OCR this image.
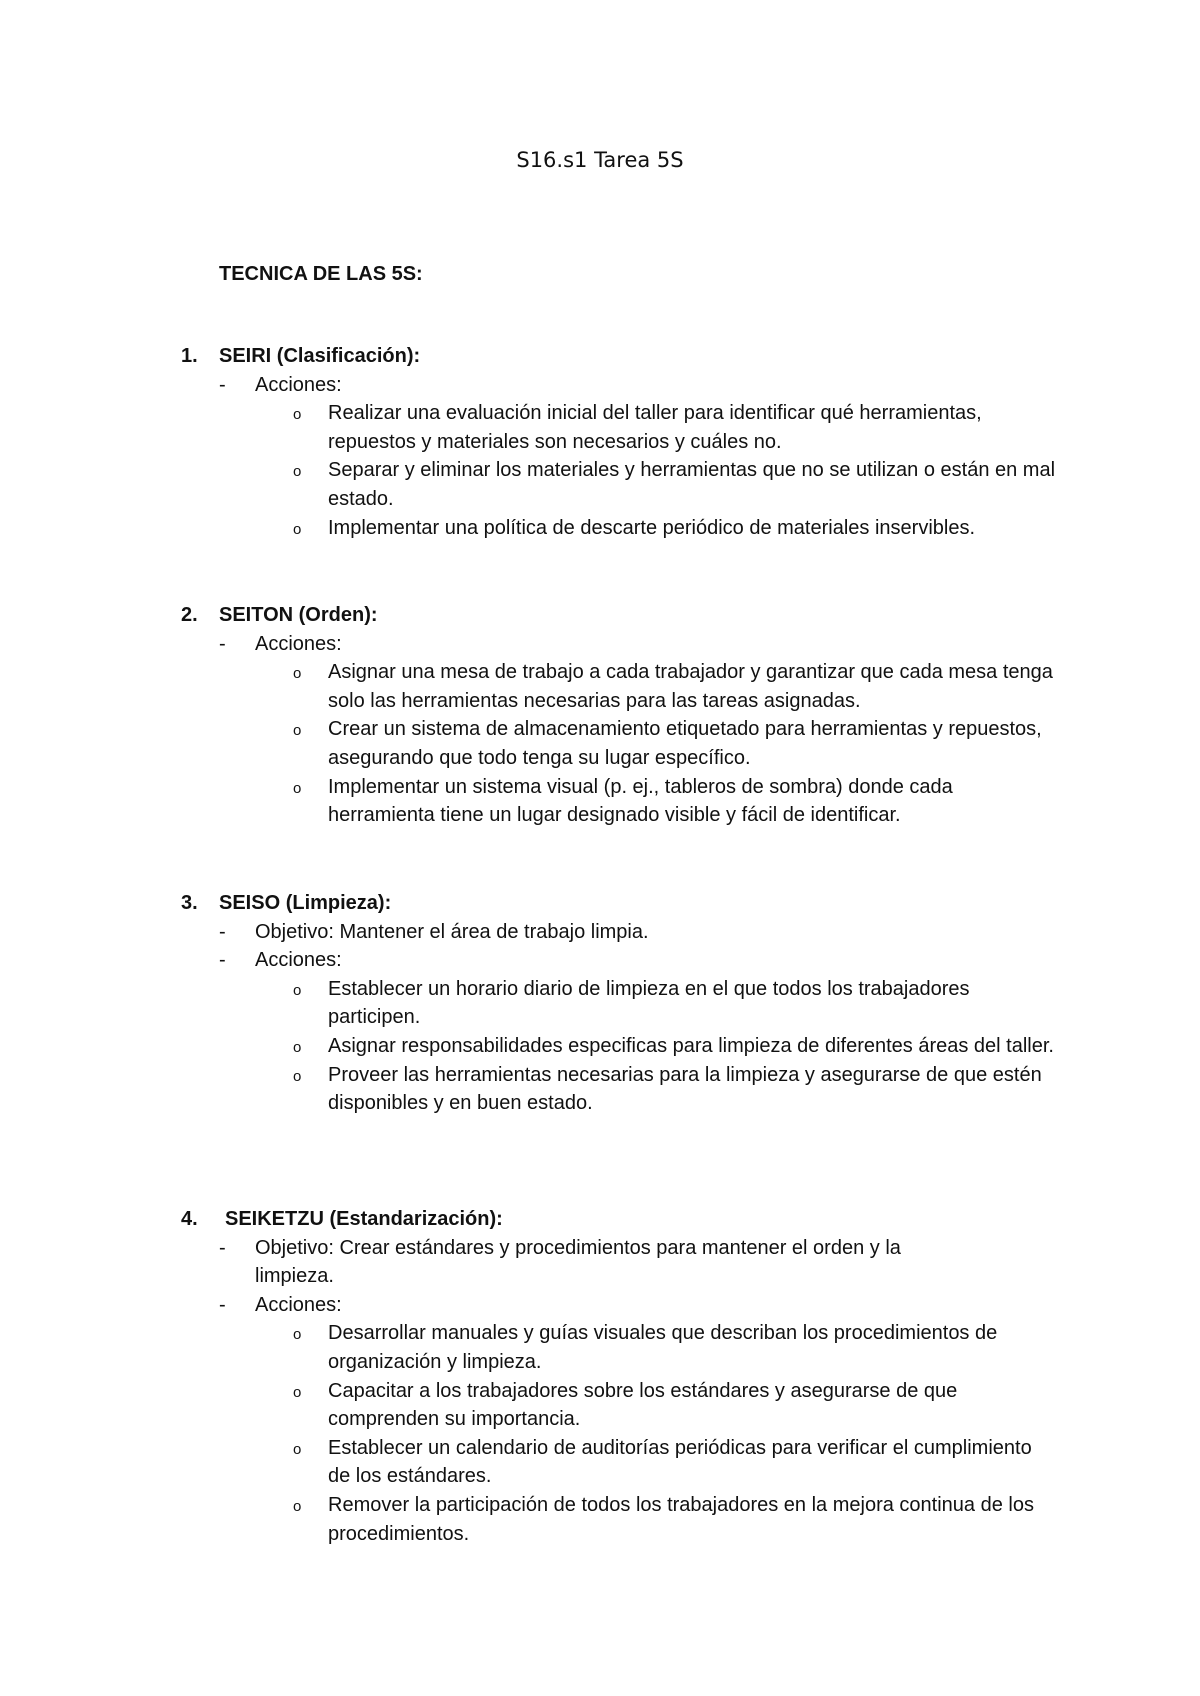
S16.s1 Tarea 5S
TECNICA DE LAS 5S:
1. SEIRI (Clasificación):
- Acciones:
o Realizar una evaluación inicial del taller para identificar qué herramientas, repuestos y materiales son necesarios y cuáles no.
o Separar y eliminar los materiales y herramientas que no se utilizan o están en mal estado.
o Implementar una política de descarte periódico de materiales inservibles.
2. SEITON (Orden):
- Acciones:
o Asignar una mesa de trabajo a cada trabajador y garantizar que cada mesa tenga solo las herramientas necesarias para las tareas asignadas.
o Crear un sistema de almacenamiento etiquetado para herramientas y repuestos, asegurando que todo tenga su lugar específico.
o Implementar un sistema visual (p. ej., tableros de sombra) donde cada herramienta tiene un lugar designado visible y fácil de identificar.
3. SEISO (Limpieza):
- Objetivo: Mantener el área de trabajo limpia.
- Acciones:
o Establecer un horario diario de limpieza en el que todos los trabajadores participen.
o Asignar responsabilidades especificas para limpieza de diferentes áreas del taller.
o Proveer las herramientas necesarias para la limpieza y asegurarse de que estén disponibles y en buen estado.
4. SEIKETZU (Estandarización):
- Objetivo: Crear estándares y procedimientos para mantener el orden y la limpieza.
- Acciones:
o Desarrollar manuales y guías visuales que describan los procedimientos de organización y limpieza.
o Capacitar a los trabajadores sobre los estándares y asegurarse de que comprenden su importancia.
o Establecer un calendario de auditorías periódicas para verificar el cumplimiento de los estándares.
o Remover la participación de todos los trabajadores en la mejora continua de los procedimientos.
